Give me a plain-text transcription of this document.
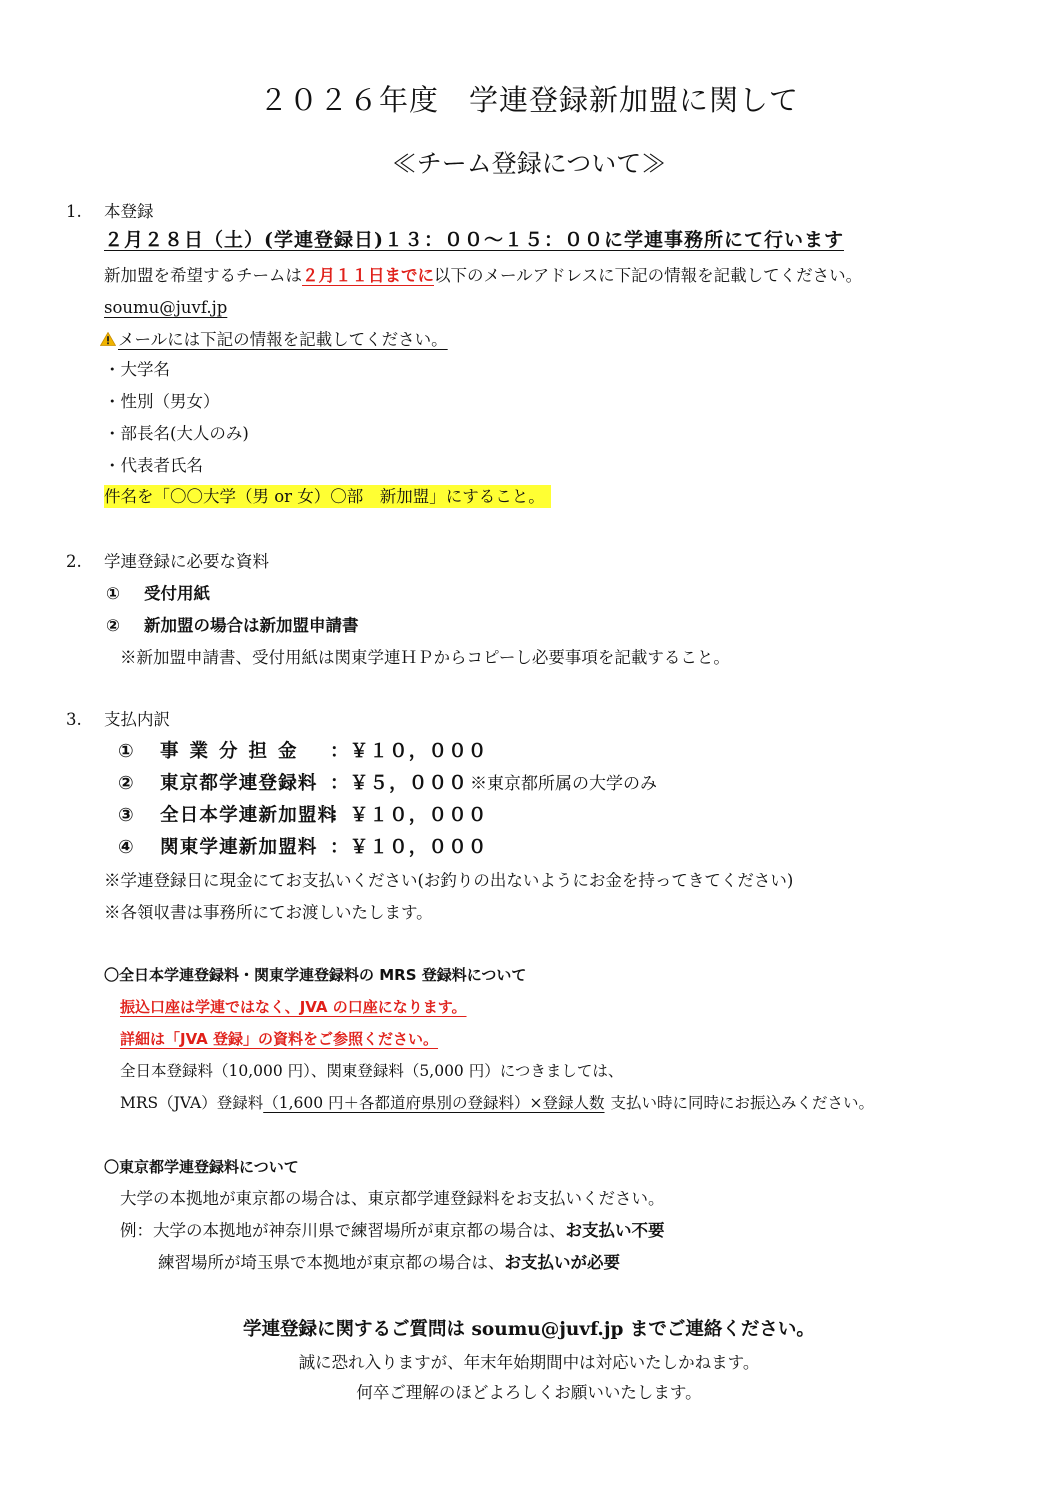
２０２６年度　学連登録新加盟に関して
≪チーム登録について≫
1. 本登録
２月２８日（土）(学連登録日)１３：００～１５：００に学連事務所にて行います
新加盟を希望するチームは２月１１日までに以下のメールアドレスに下記の情報を記載してください。
soumu@juvf.jp
メールには下記の情報を記載してください。
・大学名
・性別（男女）
・部長名(大人のみ)
・代表者氏名
件名を「〇〇大学（男 or 女）〇部　新加盟」にすること。
2. 学連登録に必要な資料
① 受付用紙
② 新加盟の場合は新加盟申請書
※新加盟申請書、受付用紙は関東学連ＨＰからコピーし必要事項を記載すること。
3. 支払内訳
① 事業分担金 ：￥１０，０００
② 東京都学連登録料 ：￥５，０００ ※東京都所属の大学のみ
③ 全日本学連新加盟料：￥１０，０００
④ 関東学連新加盟料 ：￥１０，０００
※学連登録日に現金にてお支払いください(お釣りの出ないようにお金を持ってきてください)
※各領収書は事務所にてお渡しいたします。
〇全日本学連登録料・関東学連登録料の MRS 登録料について
振込口座は学連ではなく、JVA の口座になります。
詳細は「JVA 登録」の資料をご参照ください。
全日本登録料（10,000 円）、関東登録料（5,000 円）につきましては、
MRS（JVA）登録料（1,600 円＋各都道府県別の登録料）×登録人数 支払い時に同時にお振込みください。
〇東京都学連登録料について
大学の本拠地が東京都の場合は、東京都学連登録料をお支払いください。
例：大学の本拠地が神奈川県で練習場所が東京都の場合は、お支払い不要
練習場所が埼玉県で本拠地が東京都の場合は、お支払いが必要
学連登録に関するご質問は soumu@juvf.jp までご連絡ください。
誠に恐れ入りますが、年末年始期間中は対応いたしかねます。
何卒ご理解のほどよろしくお願いいたします。
